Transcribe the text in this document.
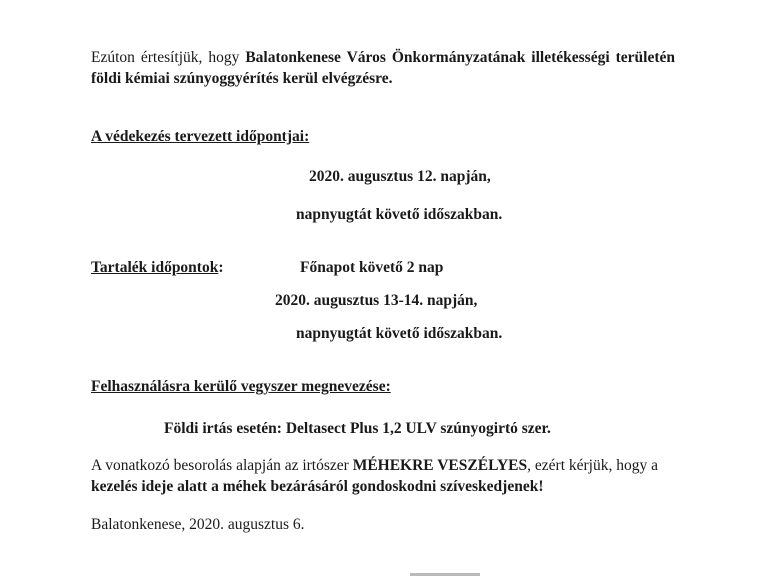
Ezúton értesítjük, hogy Balatonkenese Város Önkormányzatának illetékességi területén földi kémiai szúnyoggyérítés kerül elvégzésre.
A védekezés tervezett időpontjai:
2020. augusztus 12. napján,
napnyugtát követő időszakban.
Tartalék időpontok:	Főnapot követő 2 nap
2020. augusztus 13-14. napján,
napnyugtát követő időszakban.
Felhasználásra kerülő vegyszer megnevezése:
Földi irtás esetén: Deltasect Plus 1,2 ULV szúnyogirtó szer.
A vonatkozó besorolás alapján az irtószer MÉHEKRE VESZÉLYES, ezért kérjük, hogy a kezelés ideje alatt a méhek bezárásáról gondoskodni szíveskedjenek!
Balatonkenese, 2020. augusztus 6.
